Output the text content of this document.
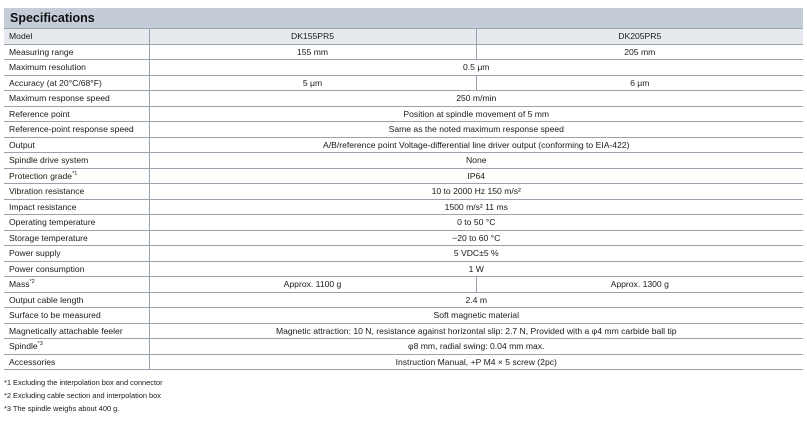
Specifications
Model	DK155PR5	DK205PR5
Measuring range	155 mm	205 mm
Maximum resolution	0.5 μm	
Accuracy (at 20°C/68°F)	5 μm	6 μm
Maximum response speed	250 m/min	
Reference point	Position at spindle movement of 5 mm	
Reference-point response speed	Same as the noted maximum response speed	
Output	A/B/reference point Voltage-differential line driver output (conforming to EIA-422)	
Spindle drive system	None	
Protection grade$^{*1}$	IP64	
Vibration resistance	10 to 2000 Hz 150 m/s²	
Impact resistance	1500 m/s² 11 ms	
Operating temperature	0 to 50 °C	
Storage temperature	−20 to 60 °C	
Power supply	5 VDC±5 %	
Power consumption	1 W	
Mass$^{*2}$	Approx. 1100 g	Approx. 1300 g
Output cable length	2.4 m	
Surface to be measured	Soft magnetic material	
Magnetically attachable feeler	Magnetic attraction: 10 N, resistance against horizontal slip: 2.7 N, Provided with a φ4 mm carbide ball tip	
Spindle$^{*3}$	φ8 mm, radial swing: 0.04 mm max.	
Accessories	Instruction Manual, +P M4 × 5 screw (2pc)	
*1 Excluding the interpolation box and connector
*2 Excluding cable section and interpolation box
*3 The spindle weighs about 400 g.
